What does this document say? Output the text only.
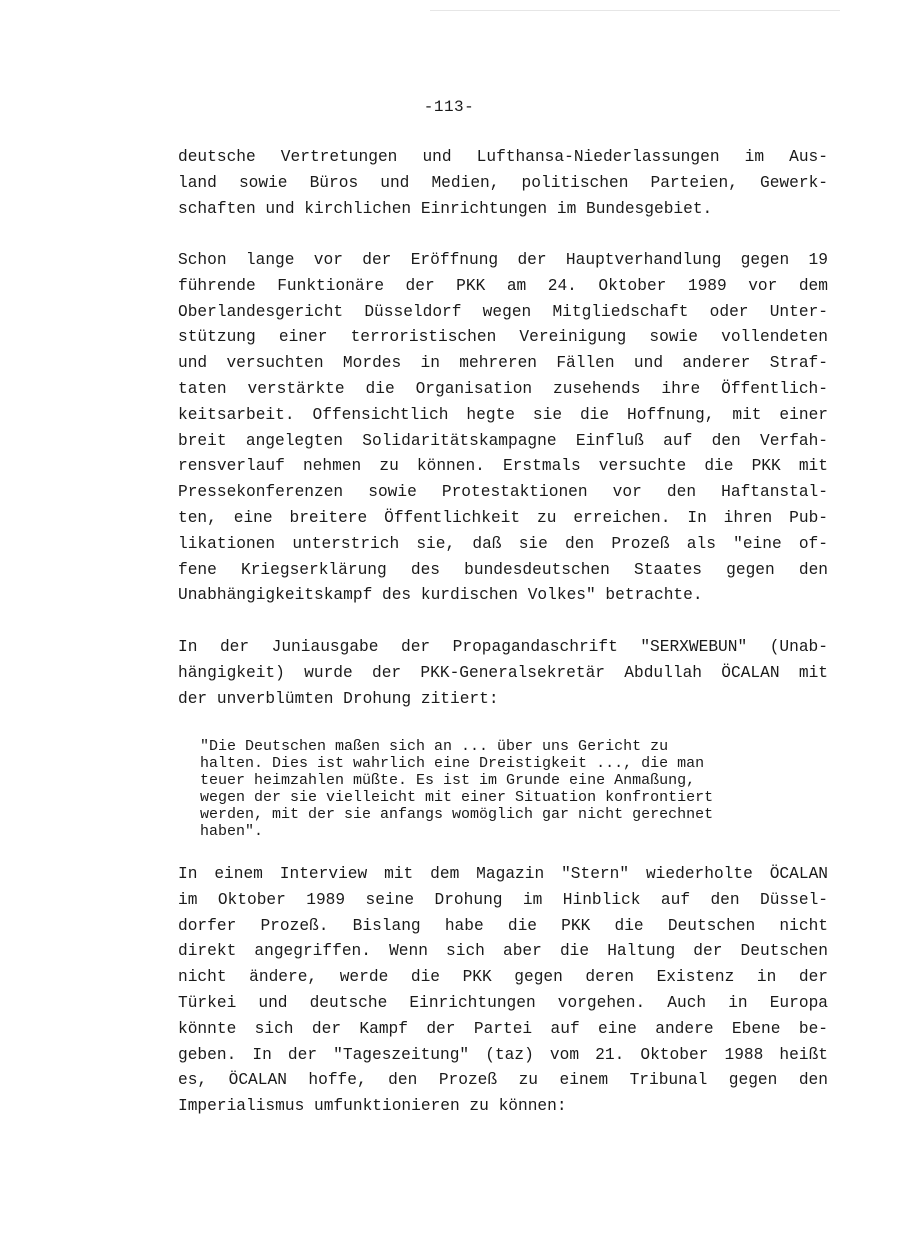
-113-
deutsche Vertretungen und Lufthansa-Niederlassungen im Aus-
land sowie Büros und Medien, politischen Parteien, Gewerk-
schaften und kirchlichen Einrichtungen im Bundesgebiet.
Schon lange vor der Eröffnung der Hauptverhandlung gegen 19
führende Funktionäre der PKK am 24. Oktober 1989 vor dem
Oberlandesgericht Düsseldorf wegen Mitgliedschaft oder Unter-
stützung einer terroristischen Vereinigung sowie vollendeten
und versuchten Mordes in mehreren Fällen und anderer Straf-
taten verstärkte die Organisation zusehends ihre Öffentlich-
keitsarbeit. Offensichtlich hegte sie die Hoffnung, mit einer
breit angelegten Solidaritätskampagne Einfluß auf den Verfah-
rensverlauf nehmen zu können. Erstmals versuchte die PKK mit
Pressekonferenzen sowie Protestaktionen vor den Haftanstal-
ten, eine breitere Öffentlichkeit zu erreichen. In ihren Pub-
likationen unterstrich sie, daß sie den Prozeß als "eine of-
fene Kriegserklärung des bundesdeutschen Staates gegen den
Unabhängigkeitskampf des kurdischen Volkes" betrachte.
In der Juniausgabe der Propagandaschrift "SERXWEBUN" (Unab-
hängigkeit) wurde der PKK-Generalsekretär Abdullah ÖCALAN mit
der unverblümten Drohung zitiert:
"Die Deutschen maßen sich an ... über uns Gericht zu
halten. Dies ist wahrlich eine Dreistigkeit ..., die man
teuer heimzahlen müßte. Es ist im Grunde eine Anmaßung,
wegen der sie vielleicht mit einer Situation konfrontiert
werden, mit der sie anfangs womöglich gar nicht gerechnet
haben".
In einem Interview mit dem Magazin "Stern" wiederholte ÖCALAN
im Oktober 1989 seine Drohung im Hinblick auf den Düssel-
dorfer Prozeß. Bislang habe die PKK die Deutschen nicht
direkt angegriffen. Wenn sich aber die Haltung der Deutschen
nicht ändere, werde die PKK gegen deren Existenz in der
Türkei und deutsche Einrichtungen vorgehen. Auch in Europa
könnte sich der Kampf der Partei auf eine andere Ebene be-
geben. In der "Tageszeitung" (taz) vom 21. Oktober 1988 heißt
es, ÖCALAN hoffe, den Prozeß zu einem Tribunal gegen den
Imperialismus umfunktionieren zu können:
